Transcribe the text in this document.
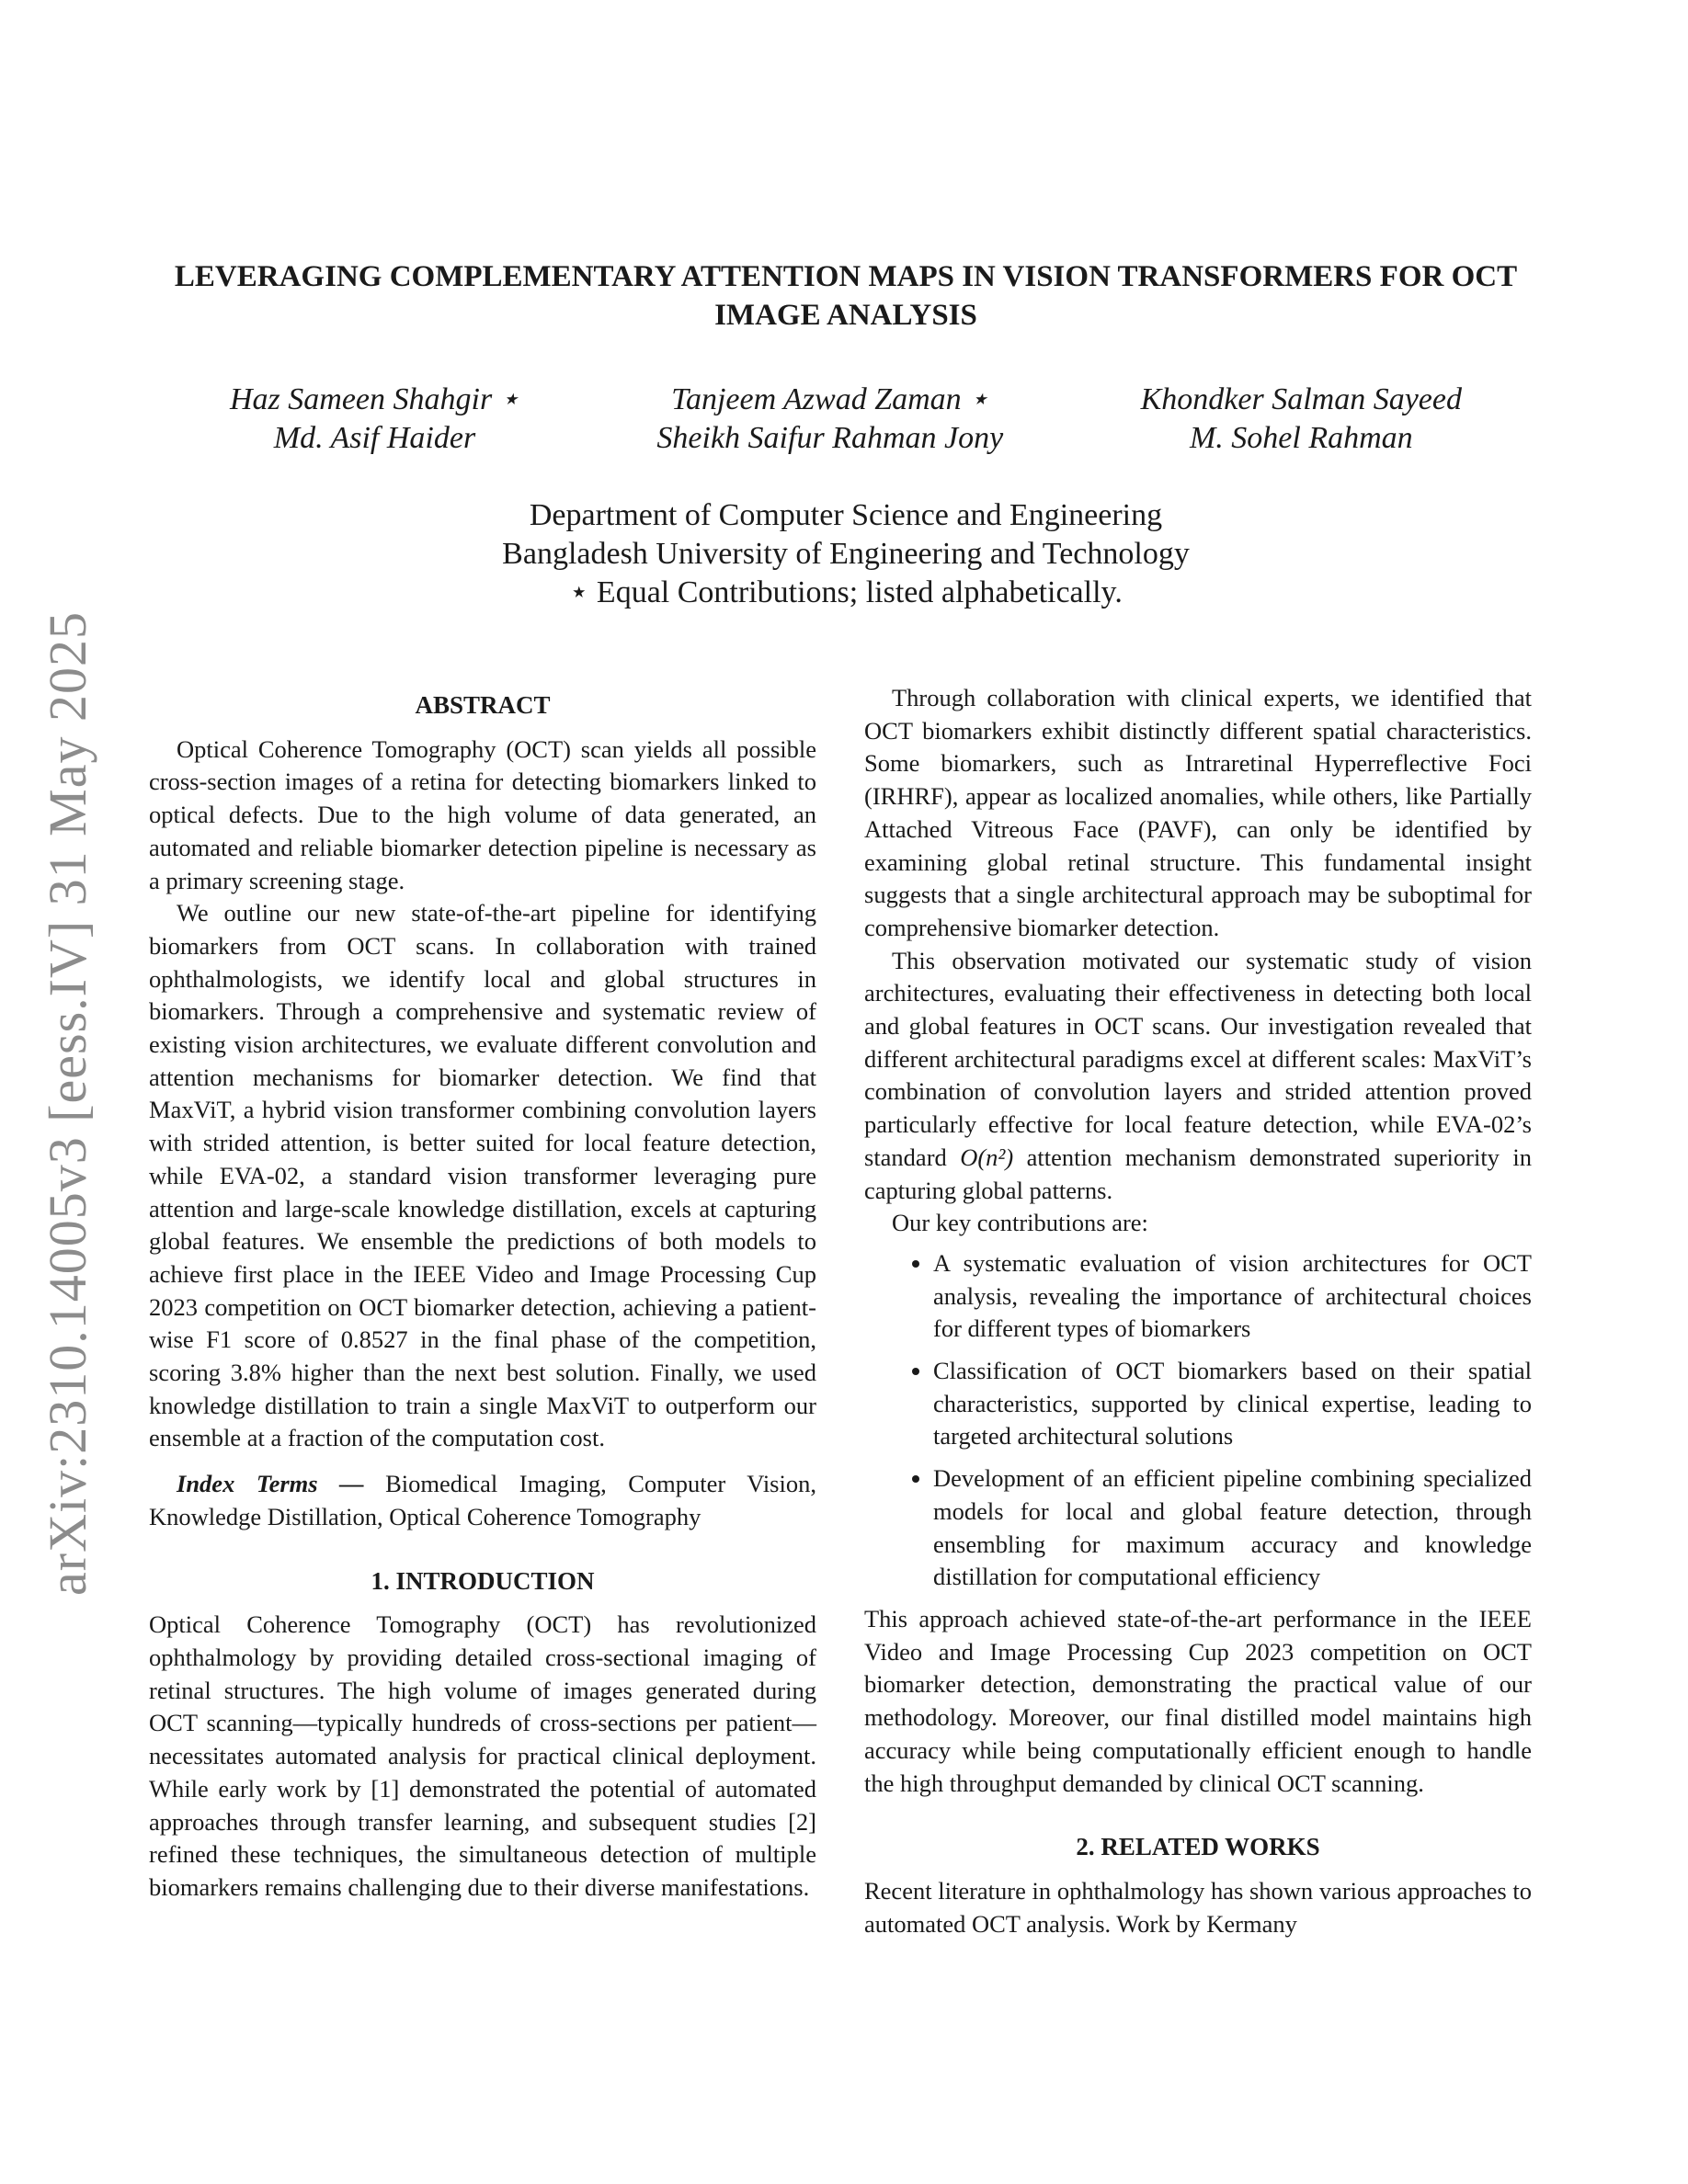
arXiv:2310.14005v3 [eess.IV] 31 May 2025
LEVERAGING COMPLEMENTARY ATTENTION MAPS IN VISION TRANSFORMERS FOR OCT IMAGE ANALYSIS
Haz Sameen Shahgir ⋆
Md. Asif Haider
Tanjeem Azwad Zaman ⋆
Sheikh Saifur Rahman Jony
Khondker Salman Sayeed
M. Sohel Rahman
Department of Computer Science and Engineering
Bangladesh University of Engineering and Technology
⋆ Equal Contributions; listed alphabetically.
ABSTRACT

Optical Coherence Tomography (OCT) scan yields all possible cross-section images of a retina for detecting biomarkers linked to optical defects. Due to the high volume of data generated, an automated and reliable biomarker detection pipeline is necessary as a primary screening stage.

We outline our new state-of-the-art pipeline for identifying biomarkers from OCT scans. In collaboration with trained ophthalmologists, we identify local and global structures in biomarkers. Through a comprehensive and systematic review of existing vision architectures, we evaluate different convolution and attention mechanisms for biomarker detection. We find that MaxViT, a hybrid vision transformer combining convolution layers with strided attention, is better suited for local feature detection, while EVA-02, a standard vision transformer leveraging pure attention and large-scale knowledge distillation, excels at capturing global features. We ensemble the predictions of both models to achieve first place in the IEEE Video and Image Processing Cup 2023 competition on OCT biomarker detection, achieving a patient-wise F1 score of 0.8527 in the final phase of the competition, scoring 3.8% higher than the next best solution. Finally, we used knowledge distillation to train a single MaxViT to outperform our ensemble at a fraction of the computation cost.

Index Terms — Biomedical Imaging, Computer Vision, Knowledge Distillation, Optical Coherence Tomography

1. INTRODUCTION

Optical Coherence Tomography (OCT) has revolutionized ophthalmology by providing detailed cross-sectional imaging of retinal structures. The high volume of images generated during OCT scanning—typically hundreds of cross-sections per patient—necessitates automated analysis for practical clinical deployment. While early work by [1] demonstrated the potential of automated approaches through transfer learning, and subsequent studies [2] refined these techniques, the simultaneous detection of multiple biomarkers remains challenging due to their diverse manifestations.

Through collaboration with clinical experts, we identified that OCT biomarkers exhibit distinctly different spatial characteristics. Some biomarkers, such as Intraretinal Hyperreflective Foci (IRHRF), appear as localized anomalies, while others, like Partially Attached Vitreous Face (PAVF), can only be identified by examining global retinal structure. This fundamental insight suggests that a single architectural approach may be suboptimal for comprehensive biomarker detection.

This observation motivated our systematic study of vision architectures, evaluating their effectiveness in detecting both local and global features in OCT scans. Our investigation revealed that different architectural paradigms excel at different scales: MaxViT’s combination of convolution layers and strided attention proved particularly effective for local feature detection, while EVA-02’s standard O(n²) attention mechanism demonstrated superiority in capturing global patterns.

Our key contributions are:

• A systematic evaluation of vision architectures for OCT analysis, revealing the importance of architectural choices for different types of biomarkers
• Classification of OCT biomarkers based on their spatial characteristics, supported by clinical expertise, leading to targeted architectural solutions
• Development of an efficient pipeline combining specialized models for local and global feature detection, through ensembling for maximum accuracy and knowledge distillation for computational efficiency

This approach achieved state-of-the-art performance in the IEEE Video and Image Processing Cup 2023 competition on OCT biomarker detection, demonstrating the practical value of our methodology. Moreover, our final distilled model maintains high accuracy while being computationally efficient enough to handle the high throughput demanded by clinical OCT scanning.

2. RELATED WORKS

Recent literature in ophthalmology has shown various approaches to automated OCT analysis. Work by Kermany
